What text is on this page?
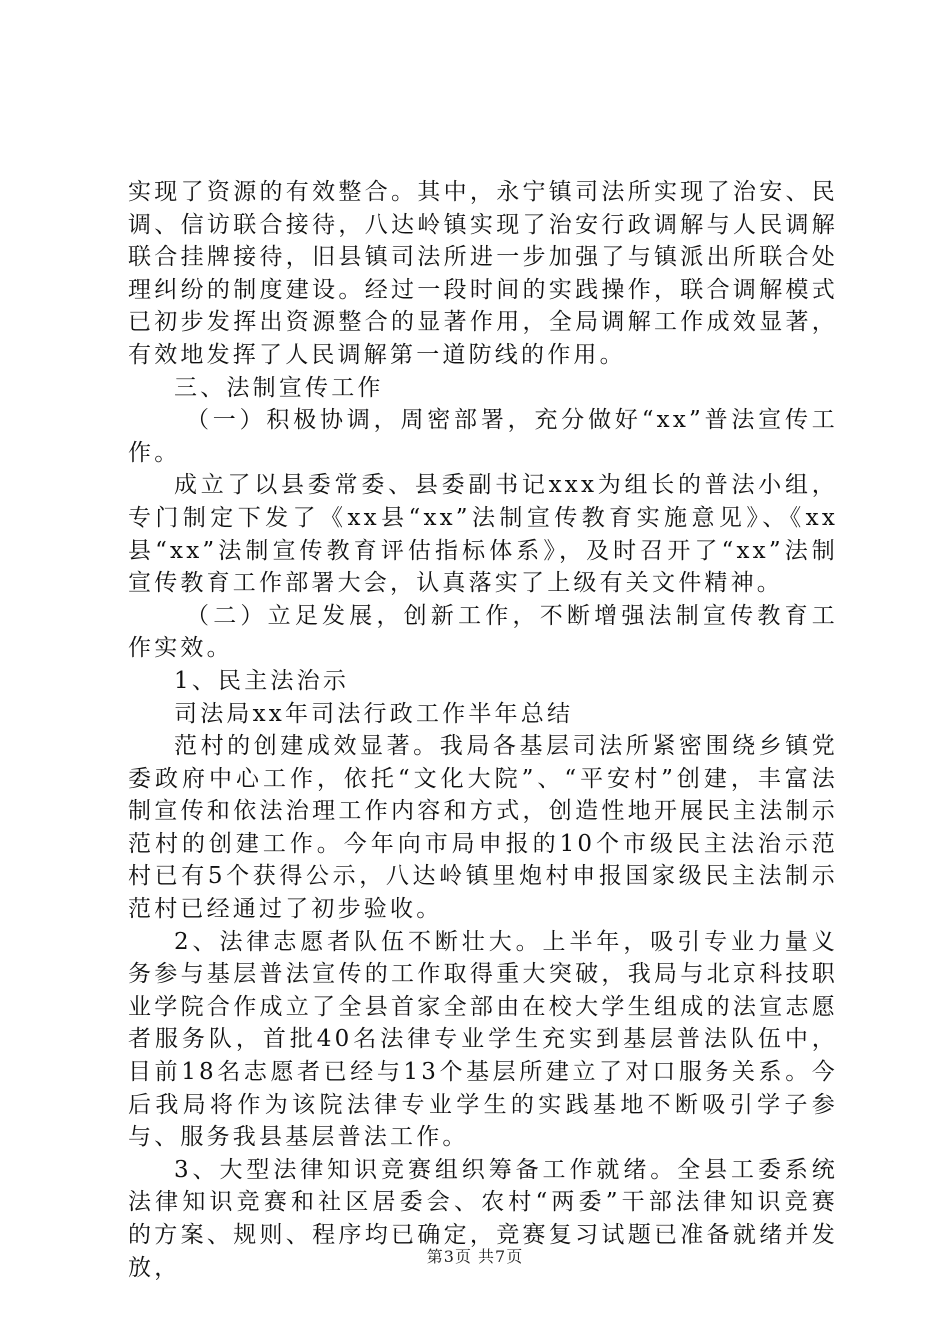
实现了资源的有效整合。其中，永宁镇司法所实现了治安、民调、信访联合接待，八达岭镇实现了治安行政调解与人民调解联合挂牌接待，旧县镇司法所进一步加强了与镇派出所联合处理纠纷的制度建设。经过一段时间的实践操作，联合调解模式已初步发挥出资源整合的显著作用，全局调解工作成效显著，有效地发挥了人民调解第一道防线的作用。

三、法制宣传工作

（一）积极协调，周密部署，充分做好“xx”普法宣传工作。

成立了以县委常委、县委副书记xxx为组长的普法小组，专门制定下发了《xx县“xx”法制宣传教育实施意见》、《xx县“xx”法制宣传教育评估指标体系》，及时召开了“xx”法制宣传教育工作部署大会，认真落实了上级有关文件精神。

（二）立足发展，创新工作，不断增强法制宣传教育工作实效。

1、民主法治示

司法局xx年司法行政工作半年总结

范村的创建成效显著。我局各基层司法所紧密围绕乡镇党委政府中心工作，依托“文化大院”、“平安村”创建，丰富法制宣传和依法治理工作内容和方式，创造性地开展民主法制示范村的创建工作。今年向市局申报的10个市级民主法治示范村已有5个获得公示，八达岭镇里炮村申报国家级民主法制示范村已经通过了初步验收。

2、法律志愿者队伍不断壮大。上半年，吸引专业力量义务参与基层普法宣传的工作取得重大突破，我局与北京科技职业学院合作成立了全县首家全部由在校大学生组成的法宣志愿者服务队，首批40名法律专业学生充实到基层普法队伍中，目前18名志愿者已经与13个基层所建立了对口服务关系。今后我局将作为该院法律专业学生的实践基地不断吸引学子参与、服务我县基层普法工作。

3、大型法律知识竞赛组织筹备工作就绪。全县工委系统法律知识竞赛和社区居委会、农村“两委”干部法律知识竞赛的方案、规则、程序均已确定，竞赛复习试题已准备就绪并发放，	第3页 共7页
